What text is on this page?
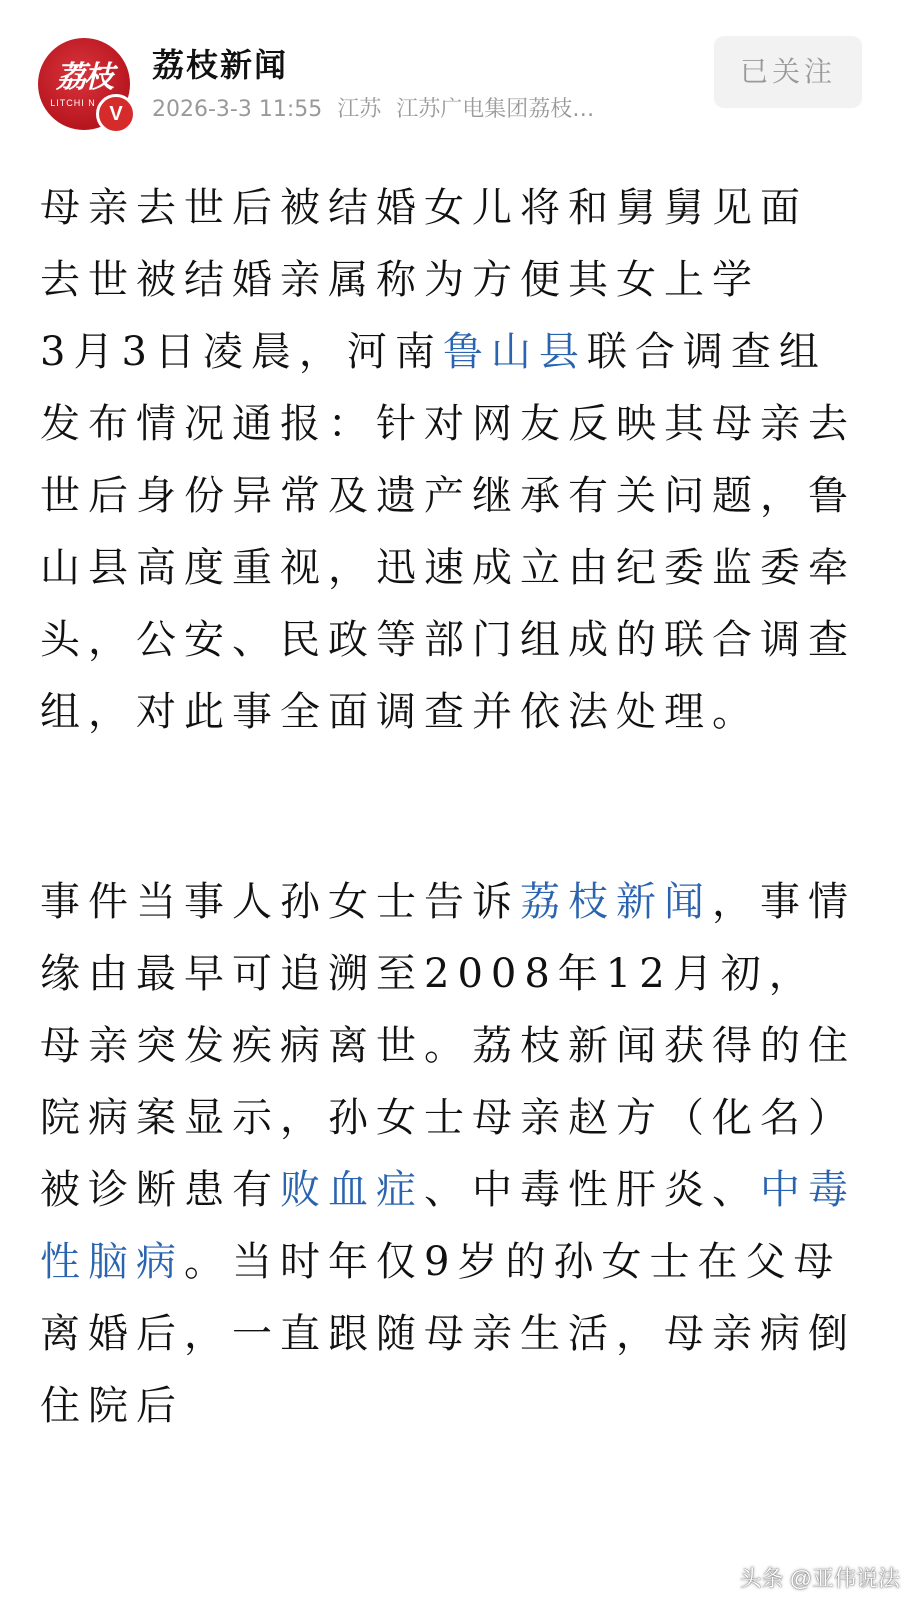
荔枝
LITCHI N V
荔枝新闻
2026-3-3 11:55 江苏 江苏广电集团荔枝…
已关注

母亲去世后被结婚女儿将和舅舅见面 去世被结婚亲属称为方便其女上学

3月3日凌晨，河南鲁山县联合调查组发布情况通报：针对网友反映其母亲去世后身份异常及遗产继承有关问题，鲁山县高度重视，迅速成立由纪委监委牵头，公安、民政等部门组成的联合调查组，对此事全面调查并依法处理。

事件当事人孙女士告诉荔枝新闻，事情缘由最早可追溯至2008年12月初，母亲突发疾病离世。荔枝新闻获得的住院病案显示，孙女士母亲赵方（化名）被诊断患有败血症、中毒性肝炎、中毒性脑病。当时年仅9岁的孙女士在父母离婚后，一直跟随母亲生活，母亲病倒住院后

头条 @亚伟说法
